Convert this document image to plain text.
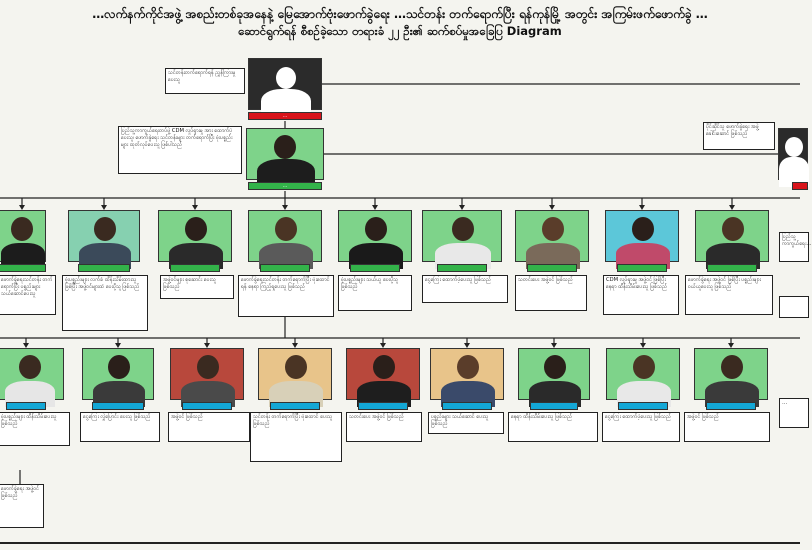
…လက်နက်ကိုင်အဖွဲ့ အစည်းတစ်ခုအနေနဲ့ မြေအောက်ဗုံးဖောက်ခွဲရေး …သင်တန်း တက်ရောက်ပြီး ရန်ကုန်မြို့ အတွင်း အကြမ်းဖက်ဖောက်ခွဲ …
ဆောင်ရွက်ရန် စီစဉ်ခဲ့သော တရားခံ ၂၂ ဦး၏ ဆက်စပ်မှုအခြေပြ Diagram
သင်တန်းတက်ရောက်ရန် ညွှန်ကြားမှု ပေးသူ
…
ပြည်သူ့ကာကွယ်ရေးတပ်ဖွဲ့ CDM လှုပ်ရှားမှု အား ထောက်ပံ့ ပေးသူ၊ ဖောက်ခွဲရေး သင်တန်းများ တက်ရောက်ပြီး ဗုံးပစ္စည်းများ ထုတ်လုပ်ပေးသူ ဖြစ်ပါသည်
…
ပိုင်ဆိုင်သူ ဖောက်ခွဲရေး အဖွဲ့ ခေါင်းဆောင် ဖြစ်သည်
ဖောက်ခွဲရေးသင်တန်း တက်ရောက်ပြီး ပစ္စည်းများ သယ်ဆောင်ပေးသူ
ဗုံးပစ္စည်းများ လက်ခံ ထိန်းသိမ်းထားသူ ဖြစ်ပြီး အဖွဲ့ဝင်များထံ ပေးပို့သူ ဖြစ်သည်
အဖွဲ့ဝင်များ စုဆောင်း ပေးသူ ဖြစ်သည်
ဖောက်ခွဲရေးသင်တန်း တက်ရောက်ပြီး ဗုံးထောင်ရန် နေရာ ကြည့်ရှုပေးသူ ဖြစ်သည်
ဗုံးပစ္စည်းများ သယ်ယူ ပေးပို့သူ ဖြစ်သည်
ငွေကြေး ထောက်ပံ့ပေးသူ ဖြစ်သည်	သတင်းပေး အဖွဲ့ဝင် ဖြစ်သည်	CDM လှုပ်ရှားမှု အဖွဲ့ဝင် ဖြစ်ပြီး နေရာ ထိန်းသိမ်းပေးသူ ဖြစ်သည်
ဖောက်ခွဲရေး အဖွဲ့ဝင် ဖြစ်ပြီး ပစ္စည်းများ ဝယ်ယူပေးသူ ဖြစ်သည်
ပြည်သူ့ကာကွယ်ရေး…
ဗုံးပစ္စည်းများ ထိန်းသိမ်းပေးသူ ဖြစ်သည်
ငွေကြေး လွှဲပြောင်း ပေးသူ ဖြစ်သည်	အဖွဲ့ဝင် ဖြစ်သည်	သင်တန်း တက်ရောက်ပြီး ဗုံးထောင် ပေးသူ ဖြစ်သည်
သတင်းပေး အဖွဲ့ဝင် ဖြစ်သည်	ပစ္စည်းများ သယ်ဆောင် ပေးသူ ဖြစ်သည်
နေရာ ထိန်းသိမ်းပေးသူ ဖြစ်သည်	ငွေကြေး ထောက်ပံ့ပေးသူ ဖြစ်သည်	အဖွဲ့ဝင် ဖြစ်သည်
…
ဖောက်ခွဲရေး အဖွဲ့ဝင် ဖြစ်သည်
